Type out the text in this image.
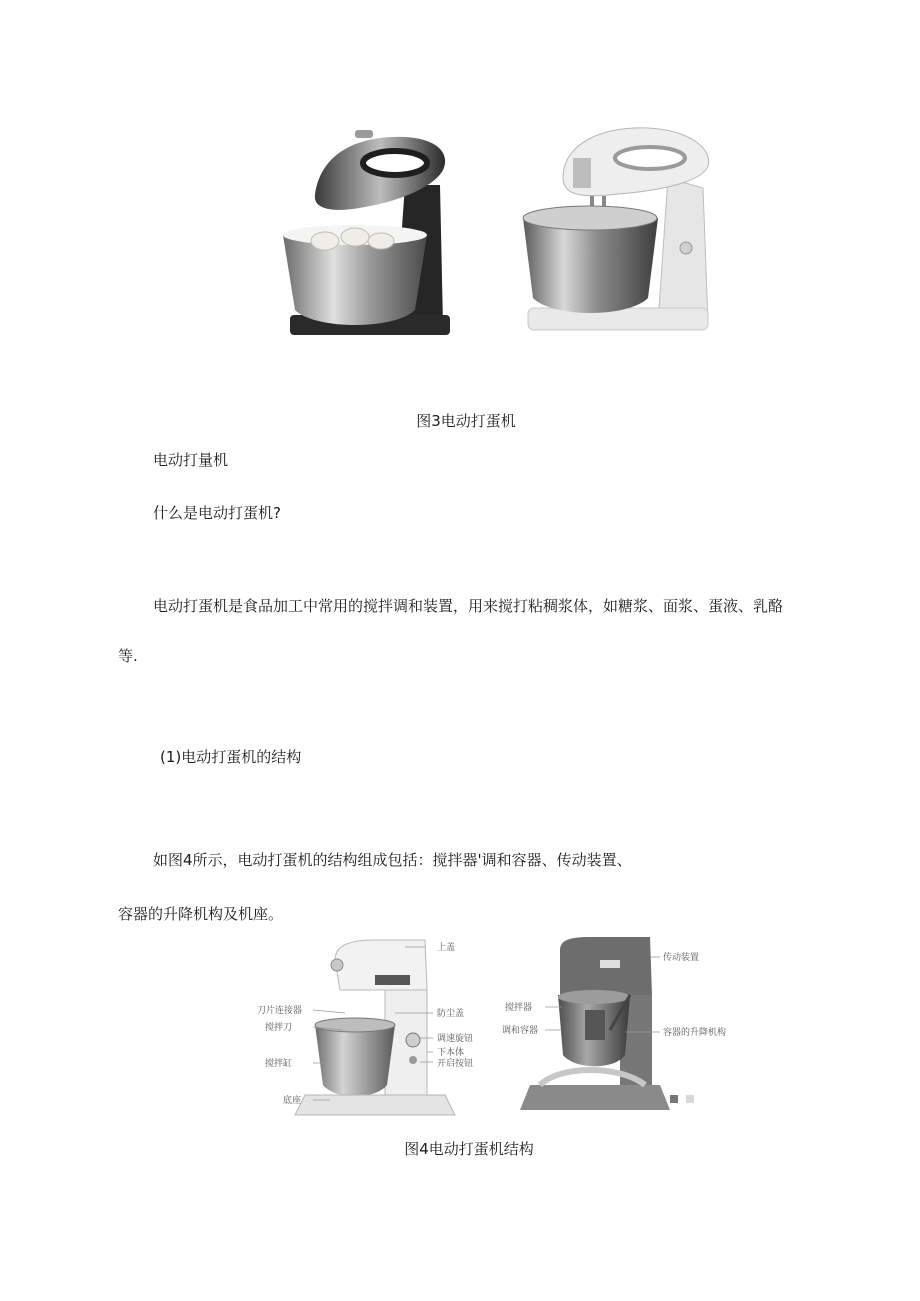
图3电动打蛋机
电动打量机
什么是电动打蛋机?
电动打蛋机是食品加工中常用的搅拌调和装置，用来搅打粘稠浆体，如糖浆、面浆、蛋液、乳酪
等.
(1)电动打蛋机的结构
如图4所示，电动打蛋机的结构组成包括：搅拌器'调和容器、传动装置、
容器的升降机构及机座。
上盖
刀片连接器	防尘盖
搅拌刀
调速旋钮
下本体
搅拌缸	开启按钮
底座
传动装置
搅拌器
调和容器	容器的升降机构
图4电动打蛋机结构
